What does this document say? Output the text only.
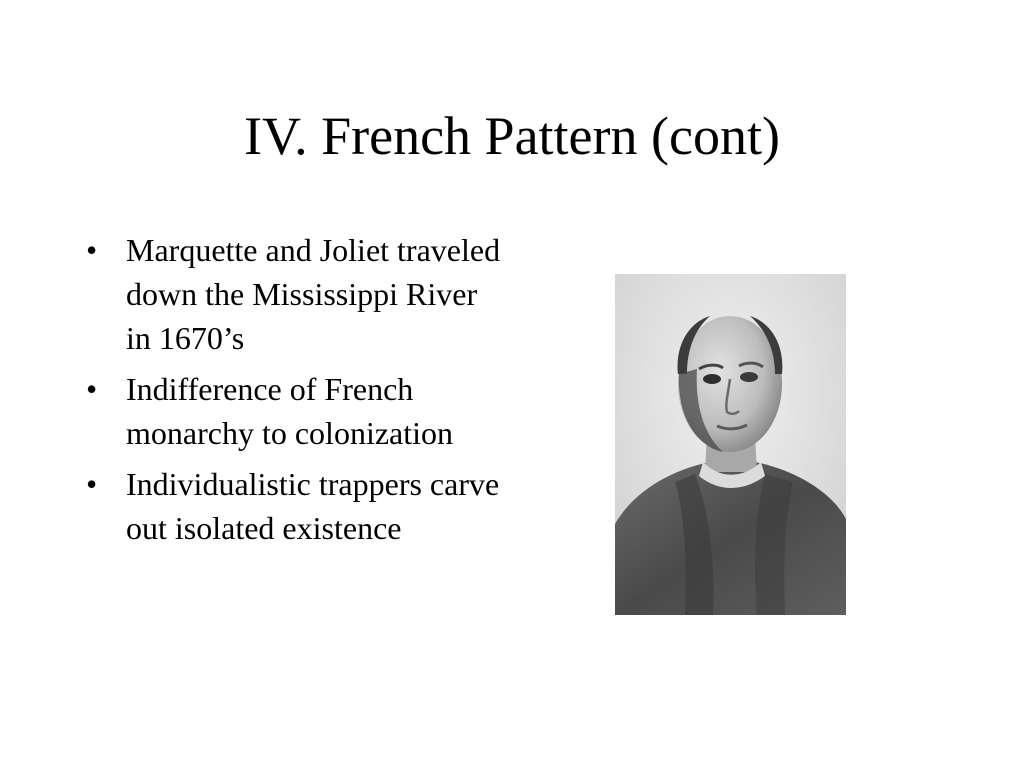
IV. French Pattern (cont)
• Marquette and Joliet traveled down the Mississippi River in 1670’s
• Indifference of French monarchy to colonization
• Individualistic trappers carve out isolated existence
